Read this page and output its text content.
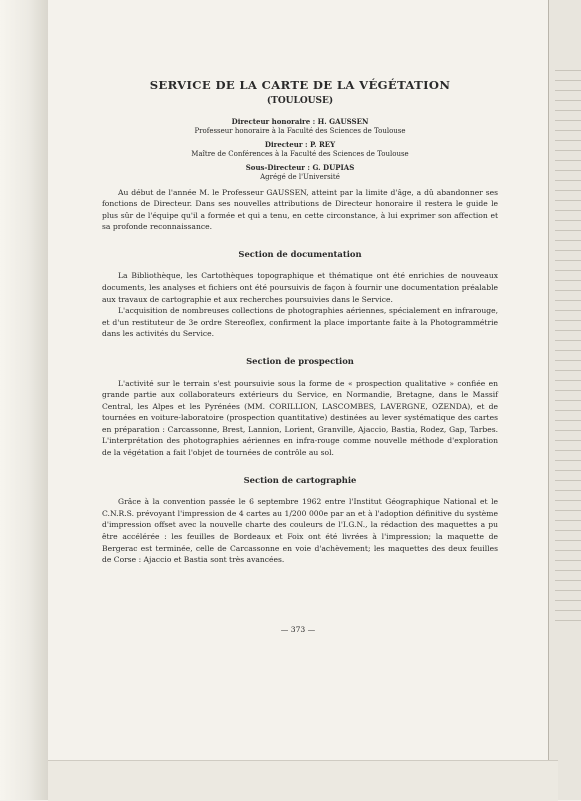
SERVICE DE LA CARTE DE LA VÉGÉTATION
(TOULOUSE)
Directeur honoraire : H. GAUSSEN
Professeur honoraire à la Faculté des Sciences de Toulouse
Directeur : P. REY
Maître de Conférences à la Faculté des Sciences de Toulouse
Sous-Directeur : G. DUPIAS
Agrégé de l'Université

Au début de l'année M. le Professeur GAUSSEN, atteint par la limite d'âge, a dû abandonner ses fonctions de Directeur. Dans ses nouvelles attributions de Directeur honoraire il restera le guide le plus sûr de l'équipe qu'il a formée et qui a tenu, en cette circonstance, à lui exprimer son affection et sa profonde reconnaissance.

Section de documentation

La Bibliothèque, les Cartothèques topographique et thématique ont été enrichies de nouveaux documents, les analyses et fichiers ont été poursuivis de façon à fournir une documentation préalable aux travaux de cartographie et aux recherches poursuivies dans le Service.

L'acquisition de nombreuses collections de photographies aériennes, spécialement en infrarouge, et d'un restituteur de 3e ordre Stereoflex, confirment la place importante faite à la Photogrammétrie dans les activités du Service.

Section de prospection

L'activité sur le terrain s'est poursuivie sous la forme de « prospection qualitative » confiée en grande partie aux collaborateurs extérieurs du Service, en Normandie, Bretagne, dans le Massif Central, les Alpes et les Pyrénées (MM. CORILLION, LASCOMBES, LAVERGNE, OZENDA), et de tournées en voiture-laboratoire (prospection quantitative) destinées au lever systématique des cartes en préparation : Carcassonne, Brest, Lannion, Lorient, Granville, Ajaccio, Bastia, Rodez, Gap, Tarbes. L'interprétation des photographies aériennes en infra-rouge comme nouvelle méthode d'exploration de la végétation a fait l'objet de tournées de contrôle au sol.

Section de cartographie

Grâce à la convention passée le 6 septembre 1962 entre l'Institut Géographique National et le C.N.R.S. prévoyant l'impression de 4 cartes au 1/200 000e par an et à l'adoption définitive du système d'impression offset avec la nouvelle charte des couleurs de l'I.G.N., la rédaction des maquettes a pu être accélérée : les feuilles de Bordeaux et Foix ont été livrées à l'impression; la maquette de Bergerac est terminée, celle de Carcassonne en voie d'achèvement; les maquettes des deux feuilles de Corse : Ajaccio et Bastia sont très avancées.

— 373 —
